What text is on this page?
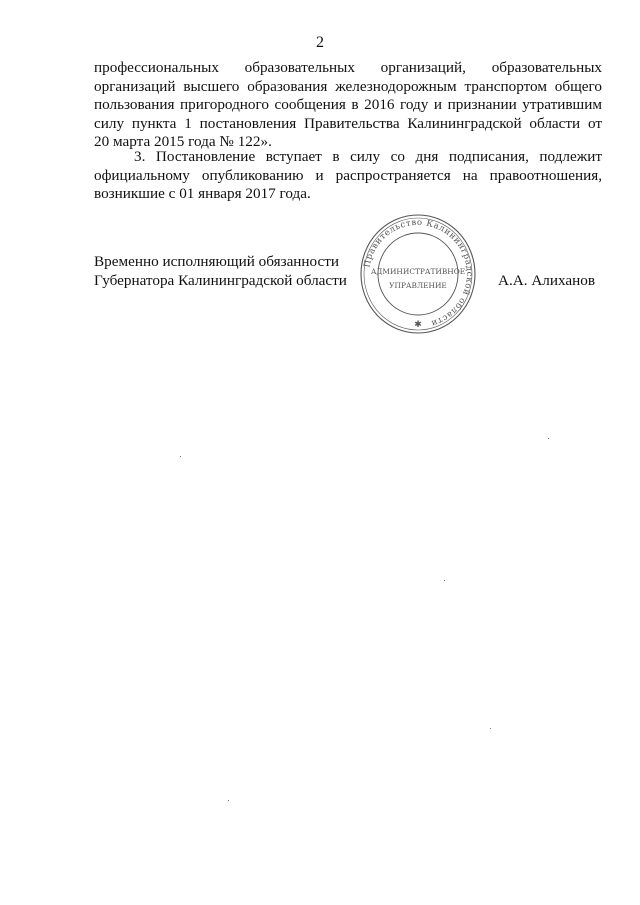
2
профессиональных образовательных организаций, образовательных
организаций высшего образования железнодорожным транспортом общего
пользования пригородного сообщения в 2016 году и признании утратившим
силу пункта 1 постановления Правительства Калининградской области от
20 марта 2015 года № 122».
3. Постановление вступает в силу со дня подписания, подлежит
официальному опубликованию и распространяется на правоотношения,
возникшие с 01 января 2017 года.
Временно исполняющий обязанности
Губернатора Калининградской области	А.А. Алиханов
Правительство Калининградской области
АДМИНИСТРАТИВНОЕ
УПРАВЛЕНИЕ
✱
